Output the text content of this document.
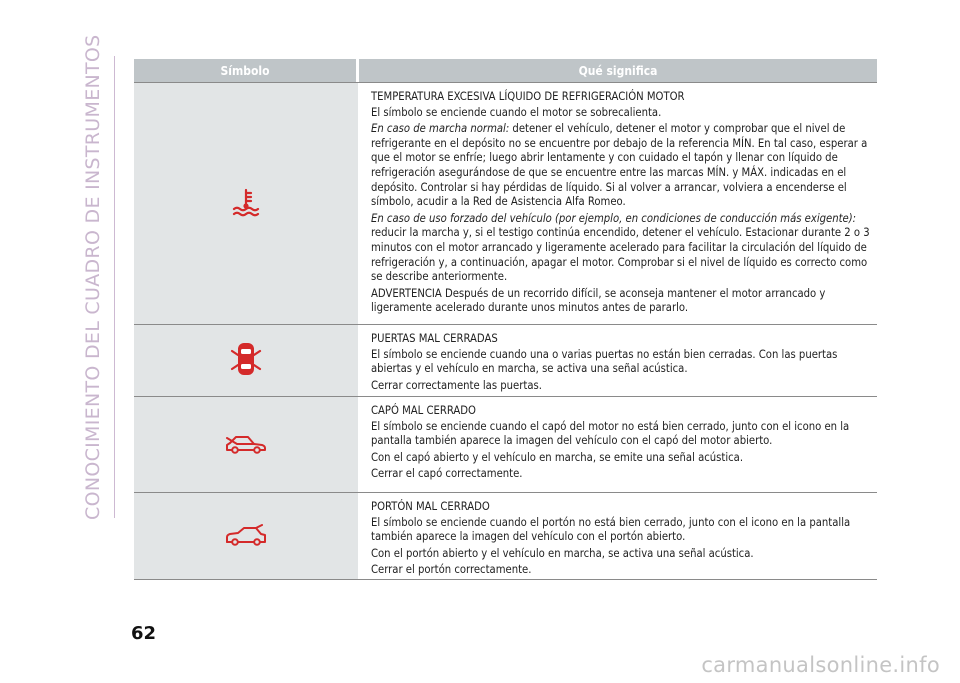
CONOCIMIENTO DEL CUADRO DE INSTRUMENTOS	Símbolo	Qué significa

TEMPERATURA EXCESIVA LÍQUIDO DE REFRIGERACIÓN MOTOR

El símbolo se enciende cuando el motor se sobrecalienta.

En caso de marcha normal: detener el vehículo, detener el motor y comprobar que el nivel de refrigerante en el depósito no se encuentre por debajo de la referencia MÍN. En tal caso, esperar a que el motor se enfríe; luego abrir lentamente y con cuidado el tapón y llenar con líquido de refrigeración asegurándose de que se encuentre entre las marcas MÍN. y MÁX. indicadas en el depósito. Controlar si hay pérdidas de líquido. Si al volver a arrancar, volviera a encenderse el símbolo, acudir a la Red de Asistencia Alfa Romeo.

En caso de uso forzado del vehículo (por ejemplo, en condiciones de conducción más exigente): reducir la marcha y, si el testigo continúa encendido, detener el vehículo. Estacionar durante 2 o 3 minutos con el motor arrancado y ligeramente acelerado para facilitar la circulación del líquido de refrigeración y, a continuación, apagar el motor. Comprobar si el nivel de líquido es correcto como se describe anteriormente.

ADVERTENCIA Después de un recorrido difícil, se aconseja mantener el motor arrancado y ligeramente acelerado durante unos minutos antes de pararlo.

PUERTAS MAL CERRADAS

El símbolo se enciende cuando una o varias puertas no están bien cerradas. Con las puertas abiertas y el vehículo en marcha, se activa una señal acústica.

Cerrar correctamente las puertas.

CAPÓ MAL CERRADO

El símbolo se enciende cuando el capó del motor no está bien cerrado, junto con el icono en la pantalla también aparece la imagen del vehículo con el capó del motor abierto.

Con el capó abierto y el vehículo en marcha, se emite una señal acústica.

Cerrar el capó correctamente.

PORTÓN MAL CERRADO

El símbolo se enciende cuando el portón no está bien cerrado, junto con el icono en la pantalla también aparece la imagen del vehículo con el portón abierto.

Con el portón abierto y el vehículo en marcha, se activa una señal acústica.

Cerrar el portón correctamente.

62
carmanualsonline.info
